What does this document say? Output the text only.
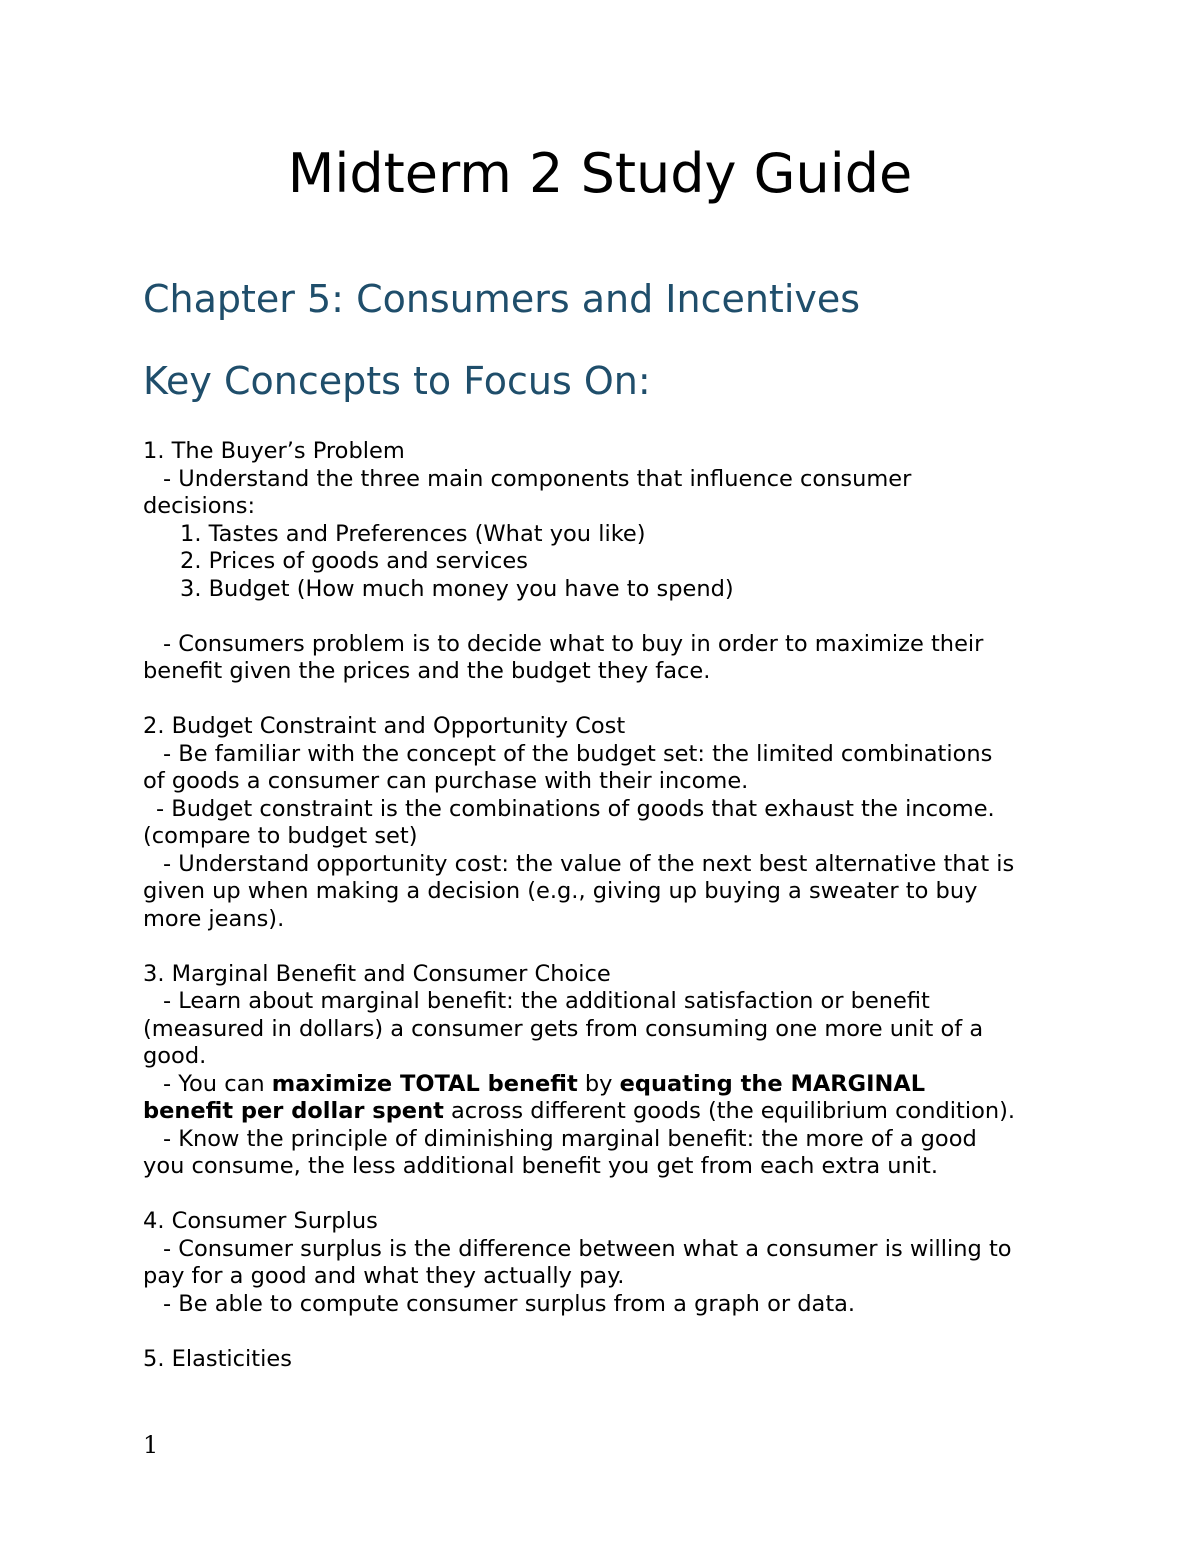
Midterm 2 Study Guide
Chapter 5: Consumers and Incentives
Key Concepts to Focus On:
1. The Buyer’s Problem
- Understand the three main components that influence consumer
decisions:
1. Tastes and Preferences (What you like)
2. Prices of goods and services
3. Budget (How much money you have to spend)
- Consumers problem is to decide what to buy in order to maximize their
benefit given the prices and the budget they face.
2. Budget Constraint and Opportunity Cost
- Be familiar with the concept of the budget set: the limited combinations
of goods a consumer can purchase with their income.
- Budget constraint is the combinations of goods that exhaust the income.
(compare to budget set)
- Understand opportunity cost: the value of the next best alternative that is
given up when making a decision (e.g., giving up buying a sweater to buy
more jeans).
3. Marginal Benefit and Consumer Choice
- Learn about marginal benefit: the additional satisfaction or benefit
(measured in dollars) a consumer gets from consuming one more unit of a
good.
- You can maximize TOTAL benefit by equating the MARGINAL
benefit per dollar spent across different goods (the equilibrium condition).
- Know the principle of diminishing marginal benefit: the more of a good
you consume, the less additional benefit you get from each extra unit.
4. Consumer Surplus
- Consumer surplus is the difference between what a consumer is willing to
pay for a good and what they actually pay.
- Be able to compute consumer surplus from a graph or data.
5. Elasticities

1
